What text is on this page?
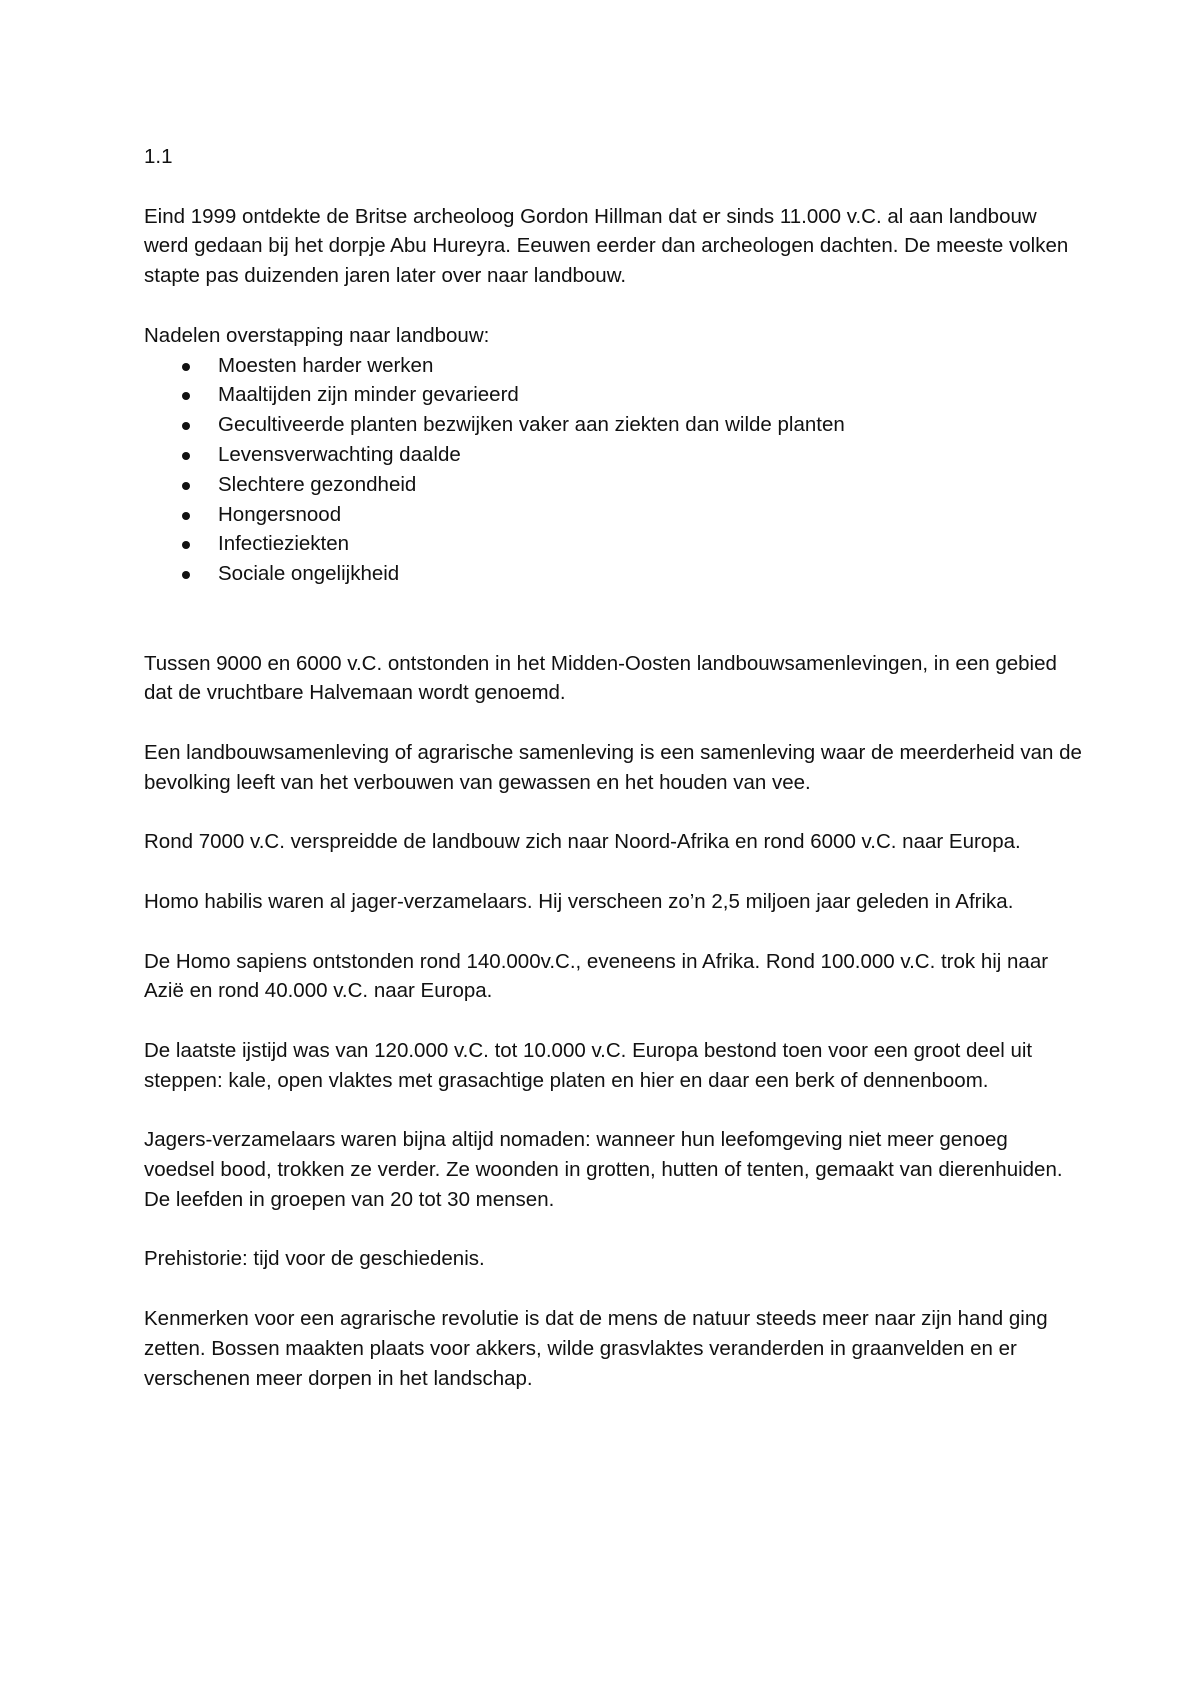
1.1

Eind 1999 ontdekte de Britse archeoloog Gordon Hillman dat er sinds 11.000 v.C. al aan landbouw werd gedaan bij het dorpje Abu Hureyra. Eeuwen eerder dan archeologen dachten. De meeste volken stapte pas duizenden jaren later over naar landbouw.

Nadelen overstapping naar landbouw:

Moesten harder werken
Maaltijden zijn minder gevarieerd
Gecultiveerde planten bezwijken vaker aan ziekten dan wilde planten
Levensverwachting daalde
Slechtere gezondheid
Hongersnood
Infectieziekten
Sociale ongelijkheid

Tussen 9000 en 6000 v.C. ontstonden in het Midden-Oosten landbouwsamenlevingen, in een gebied dat de vruchtbare Halvemaan wordt genoemd.

Een landbouwsamenleving of agrarische samenleving is een samenleving waar de meerderheid van de bevolking leeft van het verbouwen van gewassen en het houden van vee.

Rond 7000 v.C. verspreidde de landbouw zich naar Noord-Afrika en rond 6000 v.C. naar Europa.

Homo habilis waren al jager-verzamelaars. Hij verscheen zo’n 2,5 miljoen jaar geleden in Afrika.

De Homo sapiens ontstonden rond 140.000v.C., eveneens in Afrika. Rond 100.000 v.C. trok hij naar Azië en rond 40.000 v.C. naar Europa.

De laatste ijstijd was van 120.000 v.C. tot 10.000 v.C. Europa bestond toen voor een groot deel uit steppen: kale, open vlaktes met grasachtige platen en hier en daar een berk of dennenboom.

Jagers-verzamelaars waren bijna altijd nomaden: wanneer hun leefomgeving niet meer genoeg voedsel bood, trokken ze verder. Ze woonden in grotten, hutten of tenten, gemaakt van dierenhuiden. De leefden in groepen van 20 tot 30 mensen.

Prehistorie: tijd voor de geschiedenis.

Kenmerken voor een agrarische revolutie is dat de mens de natuur steeds meer naar zijn hand ging zetten. Bossen maakten plaats voor akkers, wilde grasvlaktes veranderden in graanvelden en er verschenen meer dorpen in het landschap.
